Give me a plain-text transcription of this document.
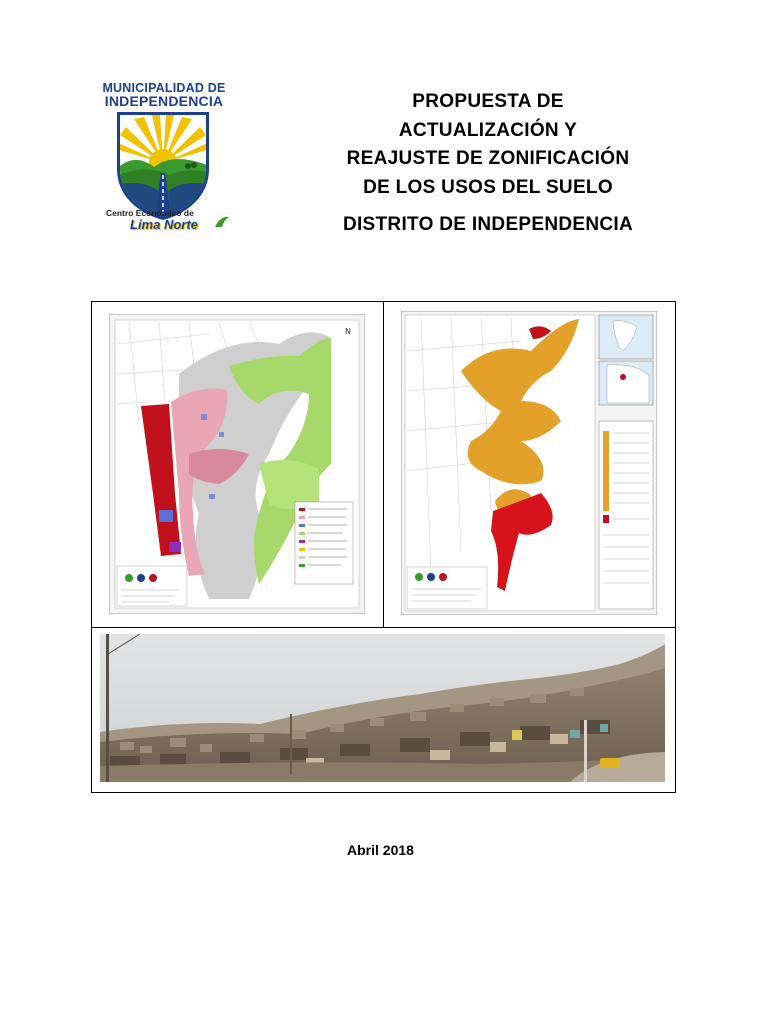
MUNICIPALIDAD DE
INDEPENDENCIA
Centro Económico de
Lima Norte
PROPUESTA DE
ACTUALIZACIÓN Y
REAJUSTE DE ZONIFICACIÓN
DE LOS USOS DEL SUELO
DISTRITO DE INDEPENDENCIA
N
Abril 2018
